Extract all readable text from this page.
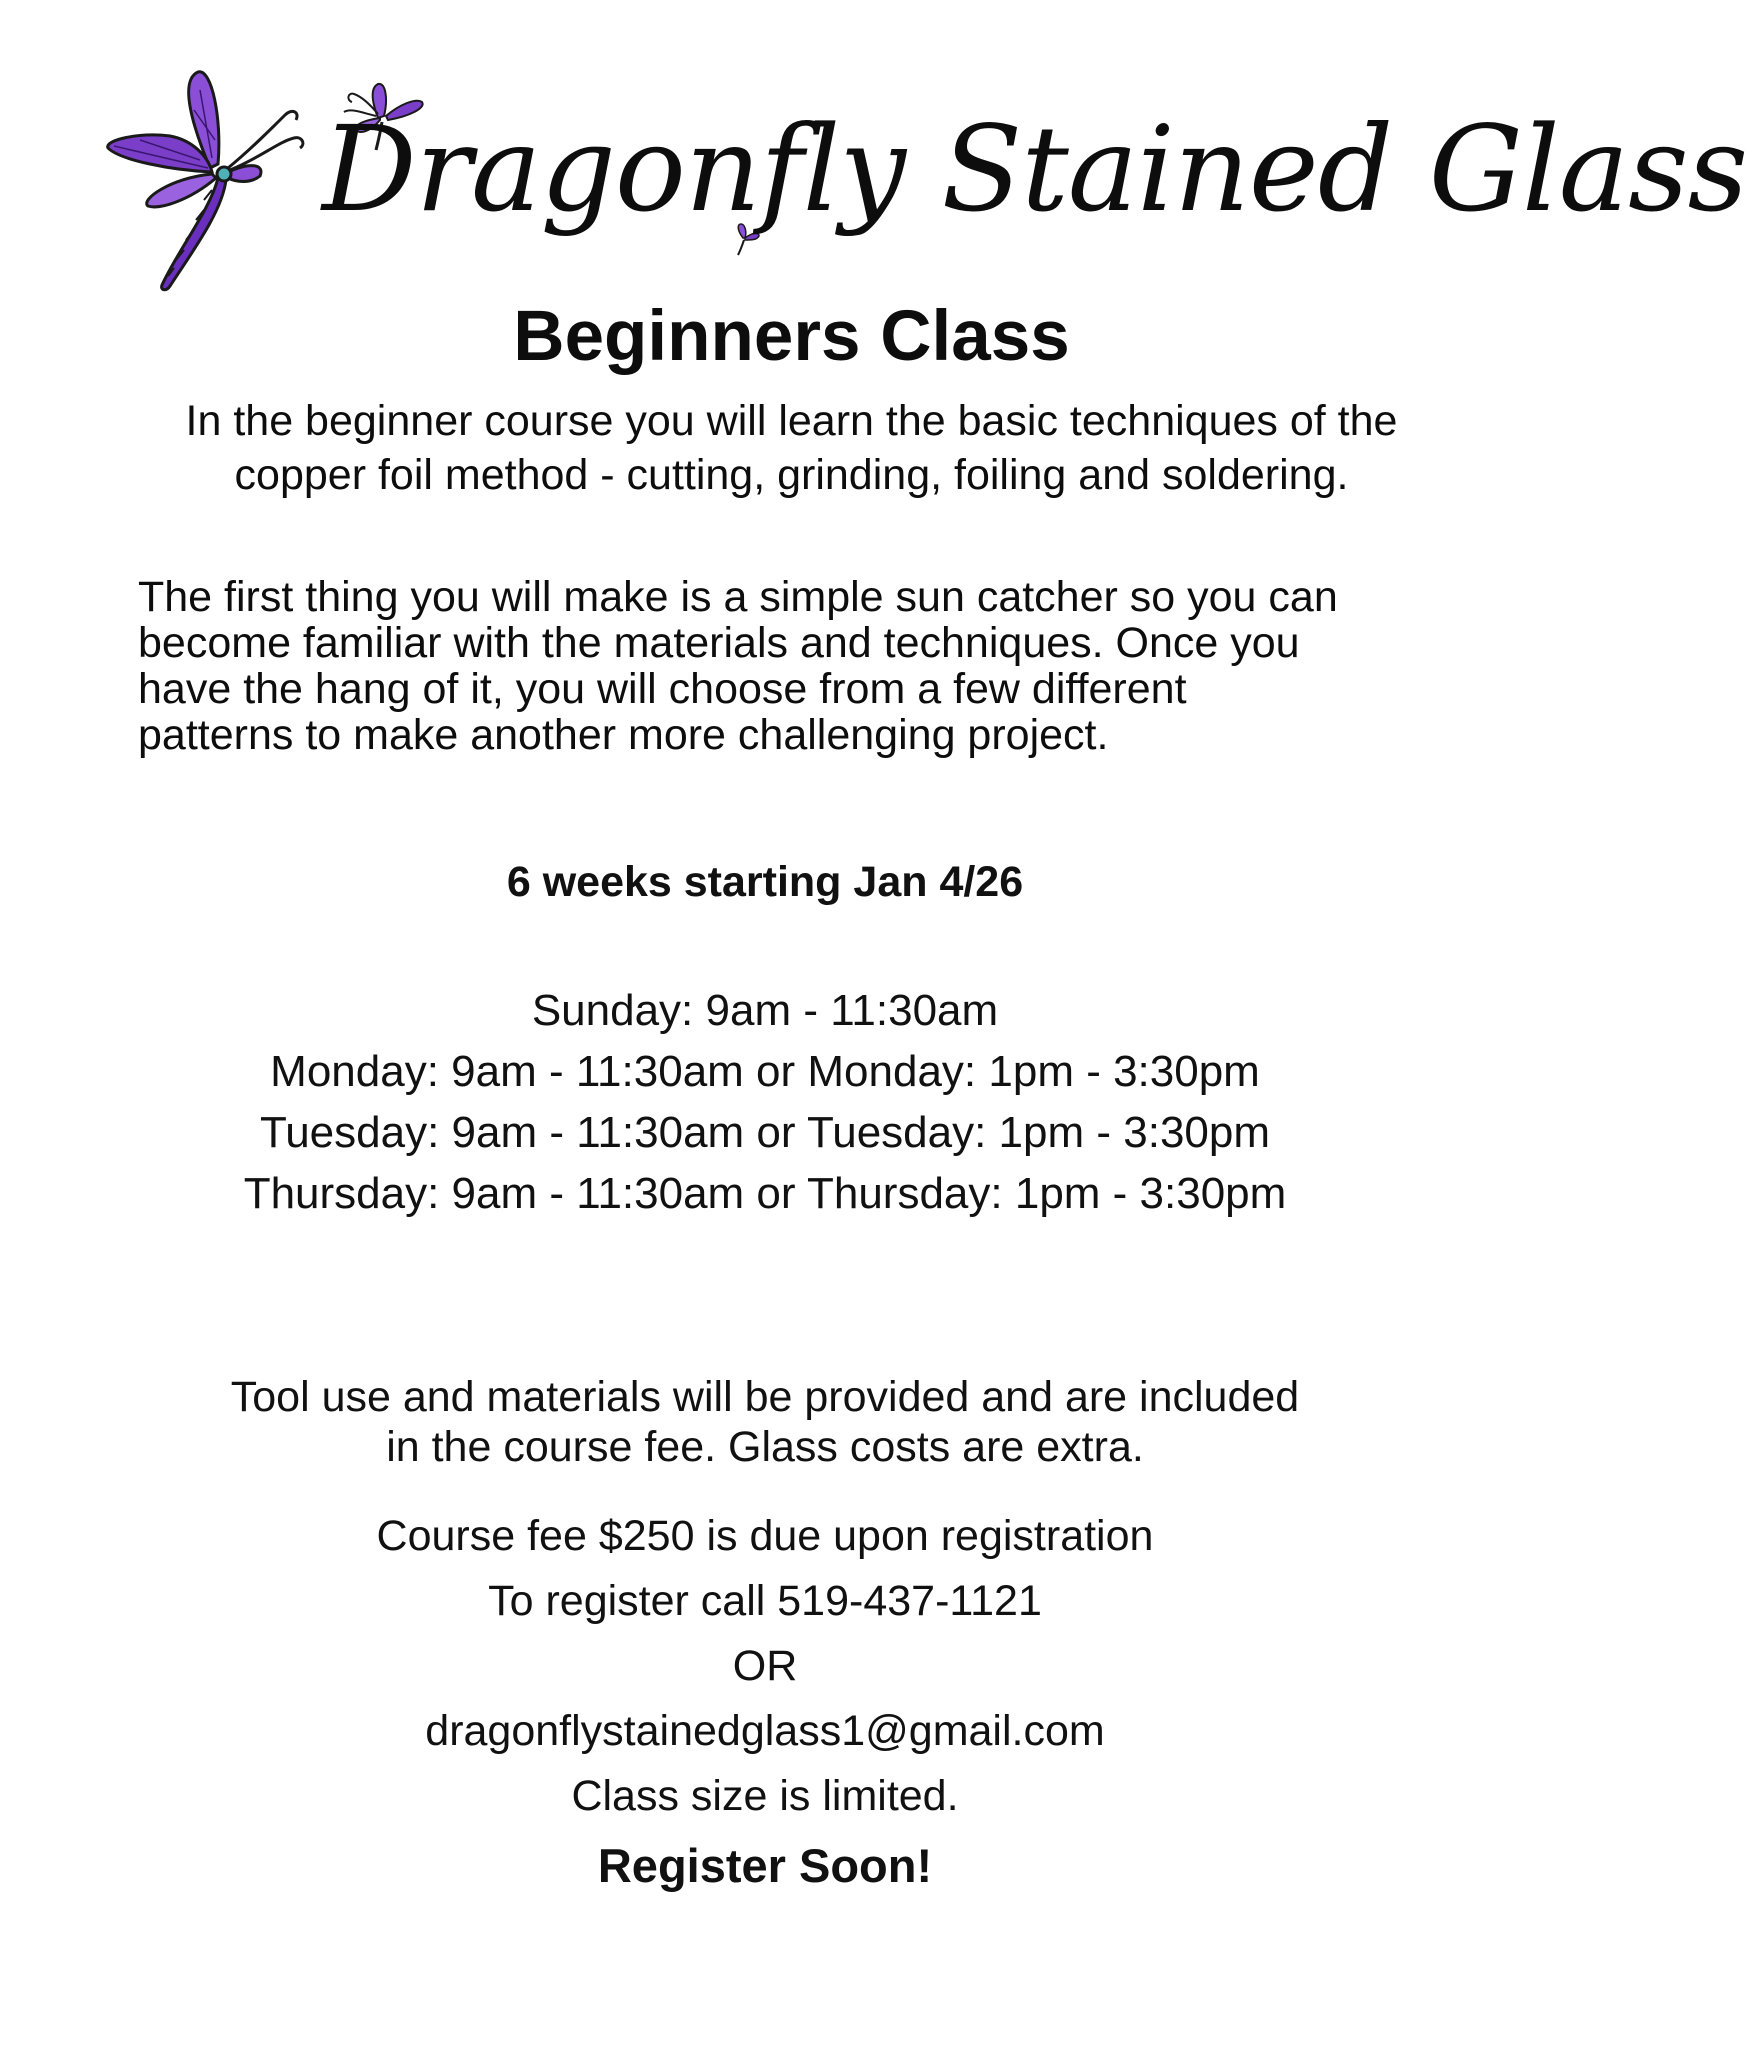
Dragonfly Stained Glass
Beginners Class
In the beginner course you will learn the basic techniques of the
copper foil method - cutting, grinding, foiling and soldering.
The first thing you will make is a simple sun catcher so you can
become familiar with the materials and techniques. Once you
have the hang of it, you will choose from a few different
patterns to make another more challenging project.
6 weeks starting Jan 4/26
Sunday: 9am - 11:30am
Monday: 9am - 11:30am or Monday: 1pm - 3:30pm
Tuesday: 9am - 11:30am or Tuesday: 1pm - 3:30pm
Thursday: 9am - 11:30am or Thursday: 1pm - 3:30pm
Tool use and materials will be provided and are included
in the course fee. Glass costs are extra.
Course fee $250 is due upon registration
To register call 519-437-1121
OR
dragonflystainedglass1@gmail.com
Class size is limited.
Register Soon!
